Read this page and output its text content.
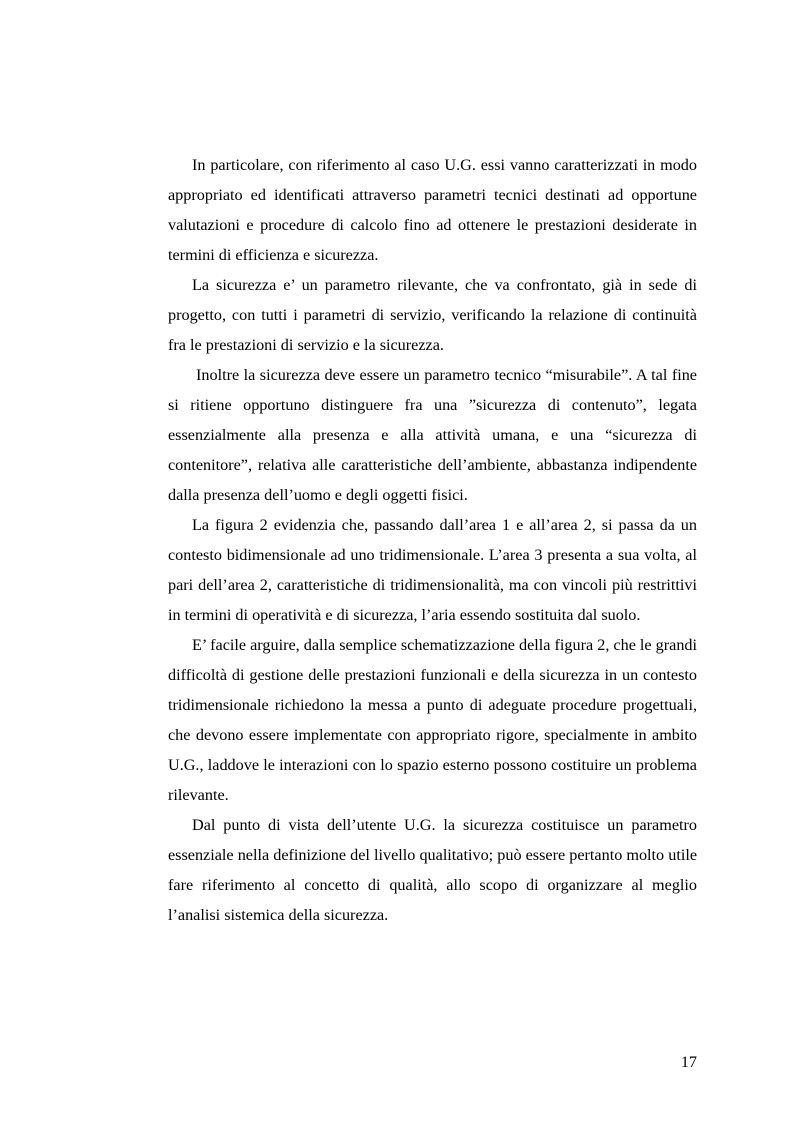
In particolare, con riferimento al caso U.G. essi vanno caratterizzati in modo appropriato ed identificati attraverso parametri tecnici destinati ad opportune valutazioni e procedure di calcolo fino ad ottenere le prestazioni desiderate in termini di efficienza e sicurezza.

La sicurezza e’ un parametro rilevante, che va confrontato, già in sede di progetto, con tutti i parametri di servizio, verificando la relazione di continuità fra le prestazioni di servizio e la sicurezza.

Inoltre la sicurezza deve essere un parametro tecnico “misurabile”. A tal fine si ritiene opportuno distinguere fra una ”sicurezza di contenuto”, legata essenzialmente alla presenza e alla attività umana, e una “sicurezza di contenitore”, relativa alle caratteristiche dell’ambiente, abbastanza indipendente dalla presenza dell’uomo e degli oggetti fisici.

La figura 2 evidenzia che, passando dall’area 1 e all’area 2, si passa da un contesto bidimensionale ad uno tridimensionale. L’area 3 presenta a sua volta, al pari dell’area 2, caratteristiche di tridimensionalità, ma con vincoli più restrittivi in termini di operatività e di sicurezza, l’aria essendo sostituita dal suolo.

E’ facile arguire, dalla semplice schematizzazione della figura 2, che le grandi difficoltà di gestione delle prestazioni funzionali e della sicurezza in un contesto tridimensionale richiedono la messa a punto di adeguate procedure progettuali, che devono essere implementate con appropriato rigore, specialmente in ambito U.G., laddove le interazioni con lo spazio esterno possono costituire un problema rilevante.

Dal punto di vista dell’utente U.G. la sicurezza costituisce un parametro essenziale nella definizione del livello qualitativo; può essere pertanto molto utile fare riferimento al concetto di qualità, allo scopo di organizzare al meglio l’analisi sistemica della sicurezza.

17
